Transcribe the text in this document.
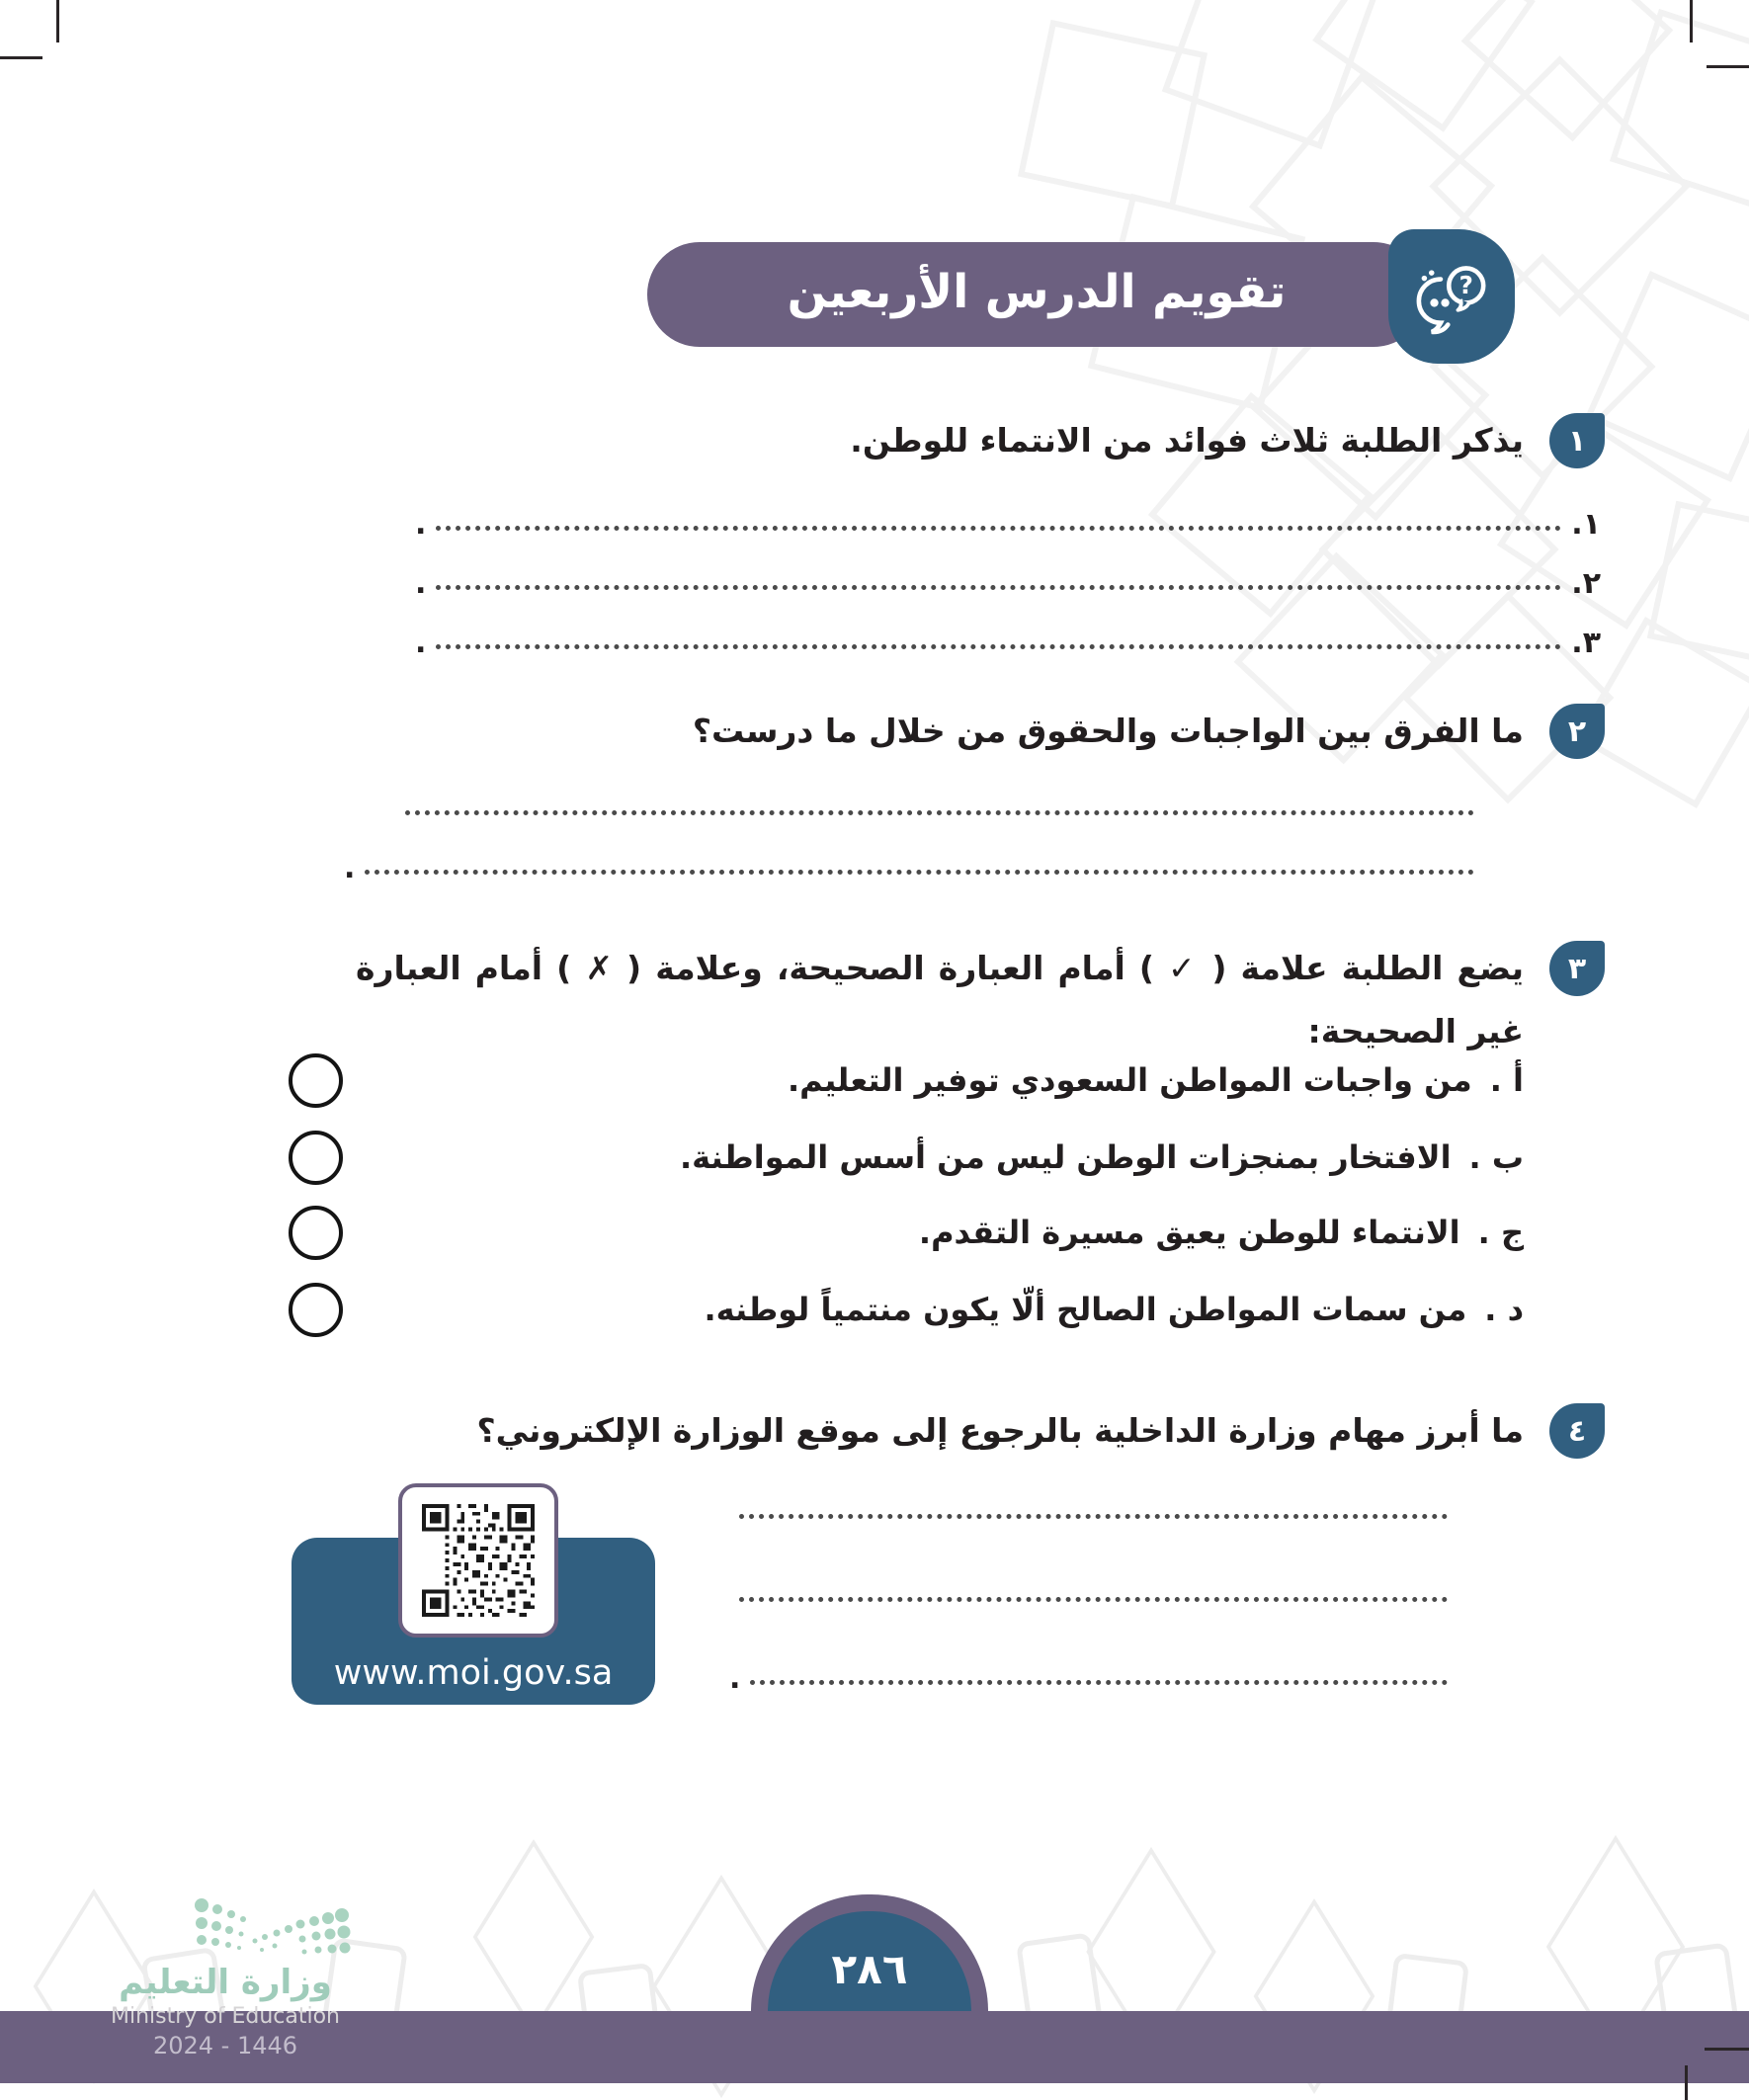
تقويم الدرس الأربعين	?
١
يذكر الطلبة ثلاث فوائد من الانتماء للوطن.
١.
.
٢.
.
٣.
.
٢
ما الفرق بين الواجبات والحقوق من خلال ما درست؟
.
٣
يضع الطلبة علامة ( ✓ ) أمام العبارة الصحيحة، وعلامة ( ✗ ) أمام العبارة غير الصحيحة:
أ .
من واجبات المواطن السعودي توفير التعليم.
ب .
الافتخار بمنجزات الوطن ليس من أسس المواطنة.
ج .
الانتماء للوطن يعيق مسيرة التقدم.
د .
من سمات المواطن الصالح ألّا يكون منتمياً لوطنه.
٤
ما أبرز مهام وزارة الداخلية بالرجوع إلى موقع الوزارة الإلكتروني؟
.
www.moi.gov.sa
٢٨٦
وزارة التعليم
Ministry of Education
2024 - 1446
